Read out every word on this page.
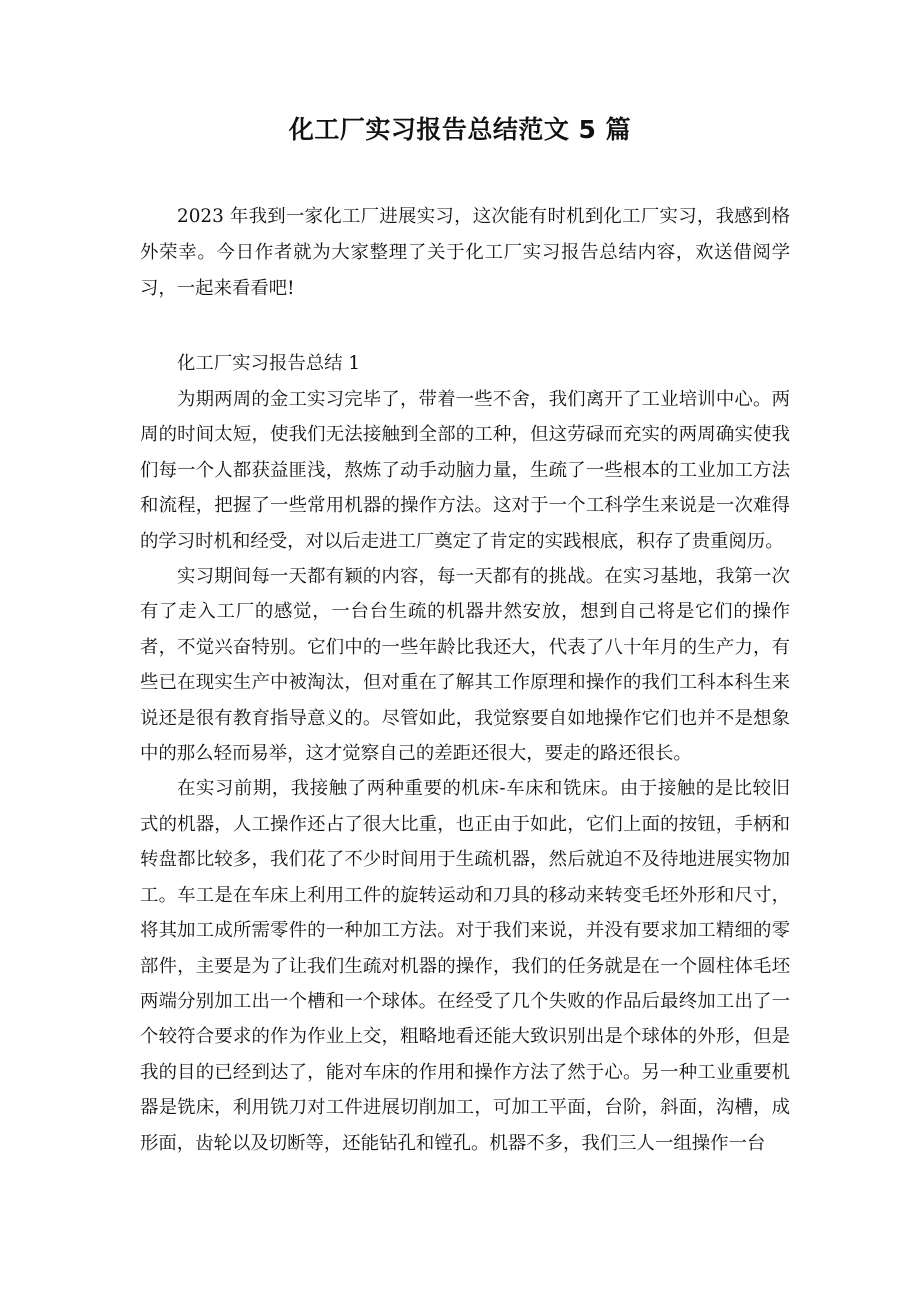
化工厂实习报告总结范文 5 篇

2023 年我到一家化工厂进展实习，这次能有时机到化工厂实习，我感到格外荣幸。今日作者就为大家整理了关于化工厂实习报告总结内容，欢送借阅学习，一起来看看吧!

化工厂实习报告总结 1

为期两周的金工实习完毕了，带着一些不舍，我们离开了工业培训中心。两周的时间太短，使我们无法接触到全部的工种，但这劳碌而充实的两周确实使我们每一个人都获益匪浅，熬炼了动手动脑力量，生疏了一些根本的工业加工方法和流程，把握了一些常用机器的操作方法。这对于一个工科学生来说是一次难得的学习时机和经受，对以后走进工厂奠定了肯定的实践根底，积存了贵重阅历。

实习期间每一天都有颖的内容，每一天都有的挑战。在实习基地，我第一次有了走入工厂的感觉，一台台生疏的机器井然安放，想到自己将是它们的操作者，不觉兴奋特别。它们中的一些年龄比我还大，代表了八十年月的生产力，有些已在现实生产中被淘汰，但对重在了解其工作原理和操作的我们工科本科生来说还是很有教育指导意义的。尽管如此，我觉察要自如地操作它们也并不是想象中的那么轻而易举，这才觉察自己的差距还很大，要走的路还很长。

在实习前期，我接触了两种重要的机床-车床和铣床。由于接触的是比较旧式的机器，人工操作还占了很大比重，也正由于如此，它们上面的按钮，手柄和转盘都比较多，我们花了不少时间用于生疏机器，然后就迫不及待地进展实物加工。车工是在车床上利用工件的旋转运动和刀具的移动来转变毛坯外形和尺寸，将其加工成所需零件的一种加工方法。对于我们来说，并没有要求加工精细的零部件，主要是为了让我们生疏对机器的操作，我们的任务就是在一个圆柱体毛坯两端分别加工出一个槽和一个球体。在经受了几个失败的作品后最终加工出了一个较符合要求的作为作业上交，粗略地看还能大致识别出是个球体的外形，但是我的目的已经到达了，能对车床的作用和操作方法了然于心。另一种工业重要机器是铣床，利用铣刀对工件进展切削加工，可加工平面，台阶，斜面，沟槽，成形面，齿轮以及切断等，还能钻孔和镗孔。机器不多，我们三人一组操作一台
